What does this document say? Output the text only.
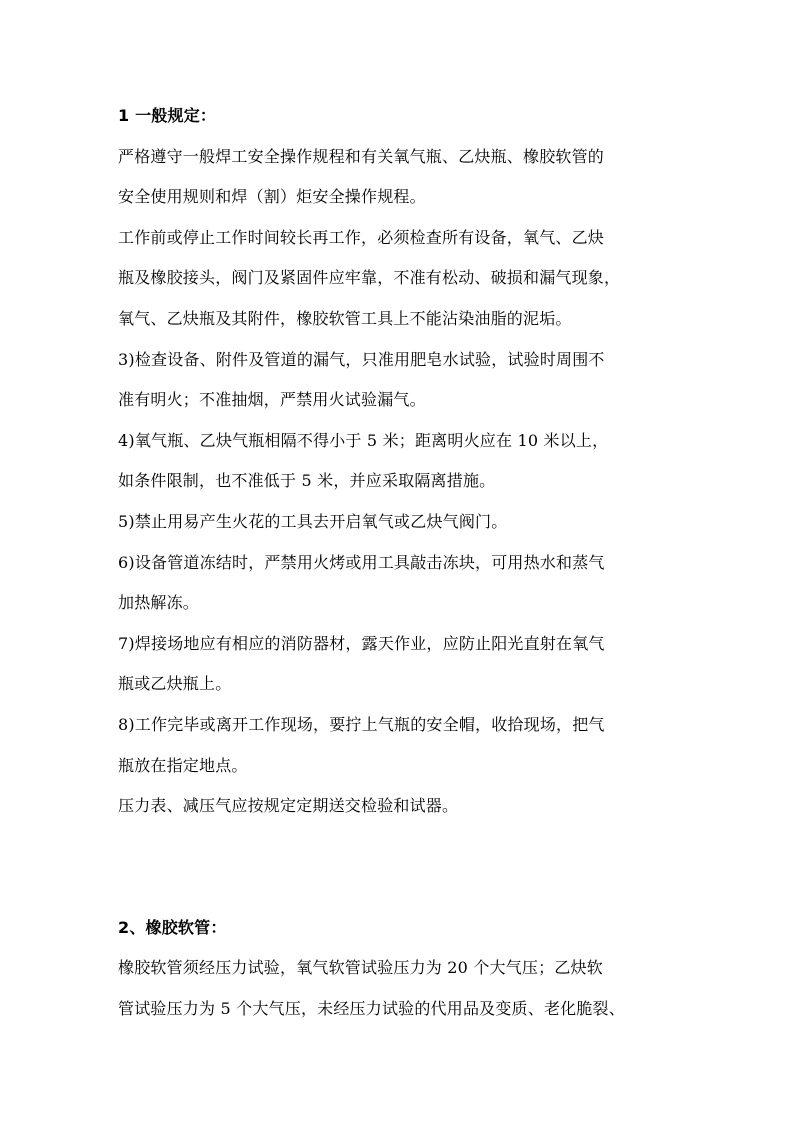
1 一般规定：
严格遵守一般焊工安全操作规程和有关氧气瓶、乙炔瓶、橡胶软管的
安全使用规则和焊（割）炬安全操作规程。
工作前或停止工作时间较长再工作，必须检查所有设备，氧气、乙炔
瓶及橡胶接头，阀门及紧固件应牢靠，不准有松动、破损和漏气现象，
氧气、乙炔瓶及其附件，橡胶软管工具上不能沾染油脂的泥垢。
3)检查设备、附件及管道的漏气，只准用肥皂水试验，试验时周围不
准有明火；不准抽烟，严禁用火试验漏气。
4)氧气瓶、乙炔气瓶相隔不得小于 5 米；距离明火应在 10 米以上，
如条件限制，也不准低于 5 米，并应采取隔离措施。
5)禁止用易产生火花的工具去开启氧气或乙炔气阀门。
6)设备管道冻结时，严禁用火烤或用工具敲击冻块，可用热水和蒸气
加热解冻。
7)焊接场地应有相应的消防器材，露天作业，应防止阳光直射在氧气
瓶或乙炔瓶上。
8)工作完毕或离开工作现场，要拧上气瓶的安全帽，收拾现场，把气
瓶放在指定地点。
压力表、减压气应按规定定期送交检验和试器。
2、橡胶软管：
橡胶软管须经压力试验，氧气软管试验压力为 20 个大气压；乙炔软
管试验压力为 5 个大气压，未经压力试验的代用品及变质、老化脆裂、
